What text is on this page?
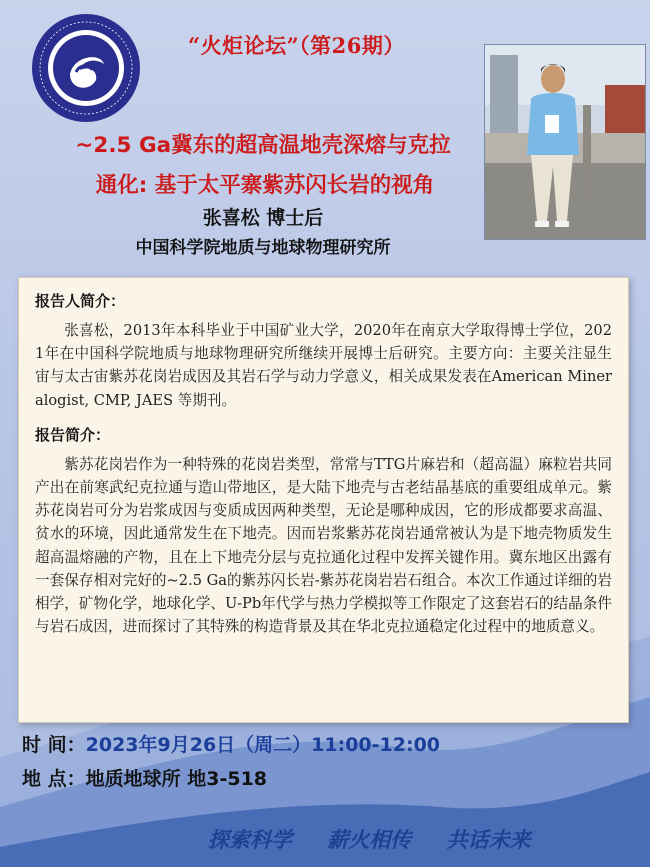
“火炬论坛”（第26期）
~2.5 Ga冀东的超高温地壳深熔与克拉
通化: 基于太平寨紫苏闪长岩的视角
张喜松 博士后
中国科学院地质与地球物理研究所
报告人简介：

张喜松，2013年本科毕业于中国矿业大学，2020年在南京大学取得博士学位，2021年在中国科学院地质与地球物理研究所继续开展博士后研究。主要方向：主要关注显生宙与太古宙紫苏花岗岩成因及其岩石学与动力学意义，相关成果发表在American Mineralogist, CMP, JAES 等期刊。

报告简介：

紫苏花岗岩作为一种特殊的花岗岩类型，常常与TTG片麻岩和（超高温）麻粒岩共同产出在前寒武纪克拉通与造山带地区，是大陆下地壳与古老结晶基底的重要组成单元。紫苏花岗岩可分为岩浆成因与变质成因两种类型，无论是哪种成因，它的形成都要求高温、贫水的环境，因此通常发生在下地壳。因而岩浆紫苏花岗岩通常被认为是下地壳物质发生超高温熔融的产物，且在上下地壳分层与克拉通化过程中发挥关键作用。冀东地区出露有一套保存相对完好的~2.5 Ga的紫苏闪长岩-紫苏花岗岩岩石组合。本次工作通过详细的岩相学，矿物化学，地球化学、U-Pb年代学与热力学模拟等工作限定了这套岩石的结晶条件与岩石成因，进而探讨了其特殊的构造背景及其在华北克拉通稳定化过程中的地质意义。

时 间：2023年9月26日（周二）11:00-12:00
地 点：地质地球所 地3-518
探索科学 薪火相传 共话未来
